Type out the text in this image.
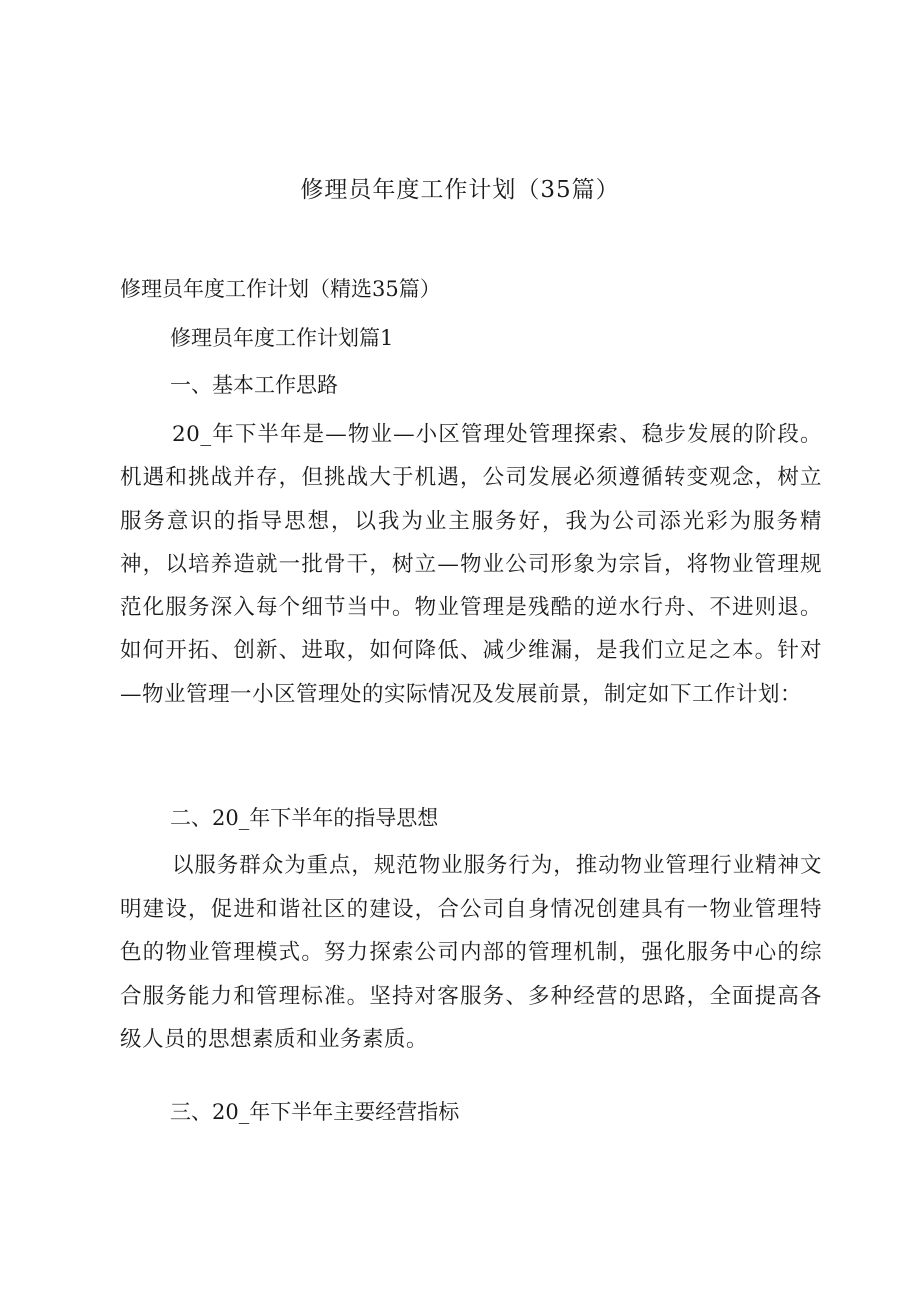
修理员年度工作计划（35篇）

修理员年度工作计划（精选35篇）

修理员年度工作计划篇1

一、基本工作思路

20_年下半年是—物业—小区管理处管理探索、稳步发展的阶段。机遇和挑战并存，但挑战大于机遇，公司发展必须遵循转变观念，树立服务意识的指导思想，以我为业主服务好，我为公司添光彩为服务精神，以培养造就一批骨干，树立—物业公司形象为宗旨，将物业管理规范化服务深入每个细节当中。物业管理是残酷的逆水行舟、不进则退。如何开拓、创新、进取，如何降低、减少维漏，是我们立足之本。针对—物业管理一小区管理处的实际情况及发展前景，制定如下工作计划：

二、20_年下半年的指导思想

以服务群众为重点，规范物业服务行为，推动物业管理行业精神文明建设，促进和谐社区的建设，合公司自身情况创建具有一物业管理特色的物业管理模式。努力探索公司内部的管理机制，强化服务中心的综合服务能力和管理标准。坚持对客服务、多种经营的思路，全面提高各级人员的思想素质和业务素质。

三、20_年下半年主要经营指标
